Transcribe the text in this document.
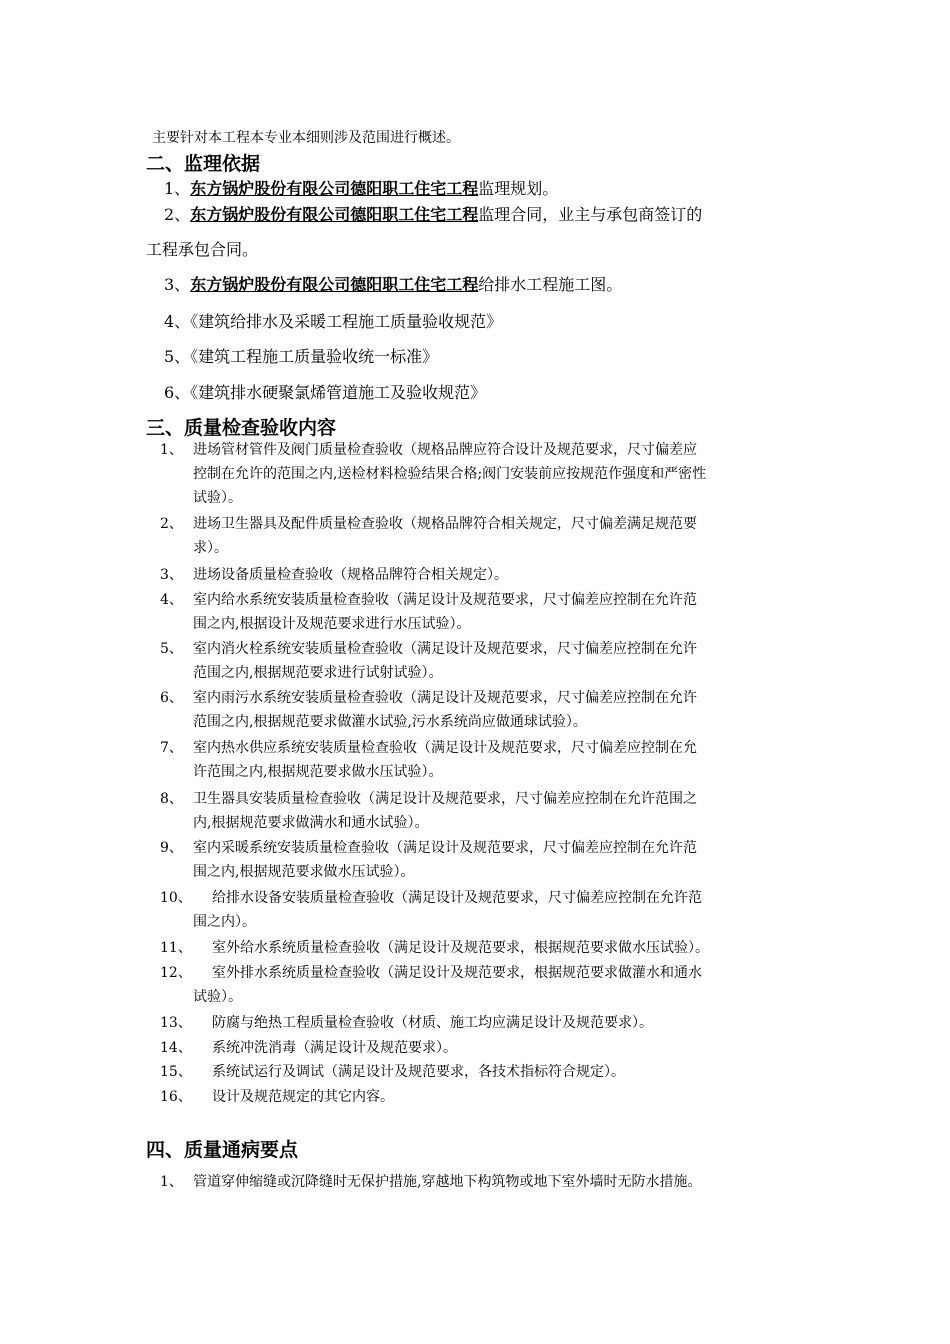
主要针对本工程本专业本细则涉及范围进行概述。
二、监理依据
1、东方锅炉股份有限公司德阳职工住宅工程监理规划。
2、东方锅炉股份有限公司德阳职工住宅工程监理合同，业主与承包商签订的
工程承包合同。
3、东方锅炉股份有限公司德阳职工住宅工程给排水工程施工图。
4、《建筑给排水及采暖工程施工质量验收规范》
5、《建筑工程施工质量验收统一标准》
6、《建筑排水硬聚氯烯管道施工及验收规范》
三、质量检查验收内容
1、 进场管材管件及阀门质量检查验收（规格品牌应符合设计及规范要求，尺寸偏差应
控制在允许的范围之内,送检材料检验结果合格;阀门安装前应按规范作强度和严密性
试验）。
2、 进场卫生器具及配件质量检查验收（规格品牌符合相关规定，尺寸偏差满足规范要
求）。
3、 进场设备质量检查验收（规格品牌符合相关规定）。
4、 室内给水系统安装质量检查验收（满足设计及规范要求，尺寸偏差应控制在允许范
围之内,根据设计及规范要求进行水压试验）。
5、 室内消火栓系统安装质量检查验收（满足设计及规范要求，尺寸偏差应控制在允许
范围之内,根据规范要求进行试射试验）。
6、 室内雨污水系统安装质量检查验收（满足设计及规范要求，尺寸偏差应控制在允许
范围之内,根据规范要求做灌水试验,污水系统尚应做通球试验）。
7、 室内热水供应系统安装质量检查验收（满足设计及规范要求，尺寸偏差应控制在允
许范围之内,根据规范要求做水压试验）。
8、 卫生器具安装质量检查验收（满足设计及规范要求，尺寸偏差应控制在允许范围之
内,根据规范要求做满水和通水试验）。
9、 室内采暖系统安装质量检查验收（满足设计及规范要求，尺寸偏差应控制在允许范
围之内,根据规范要求做水压试验）。
10、 给排水设备安装质量检查验收（满足设计及规范要求，尺寸偏差应控制在允许范
围之内）。
11、 室外给水系统质量检查验收（满足设计及规范要求，根据规范要求做水压试验）。
12、 室外排水系统质量检查验收（满足设计及规范要求，根据规范要求做灌水和通水
试验）。
13、 防腐与绝热工程质量检查验收（材质、施工均应满足设计及规范要求）。
14、 系统冲洗消毒（满足设计及规范要求）。
15、 系统试运行及调试（满足设计及规范要求，各技术指标符合规定）。
16、 设计及规范规定的其它内容。
四、质量通病要点
1、 管道穿伸缩缝或沉降缝时无保护措施,穿越地下构筑物或地下室外墙时无防水措施。
